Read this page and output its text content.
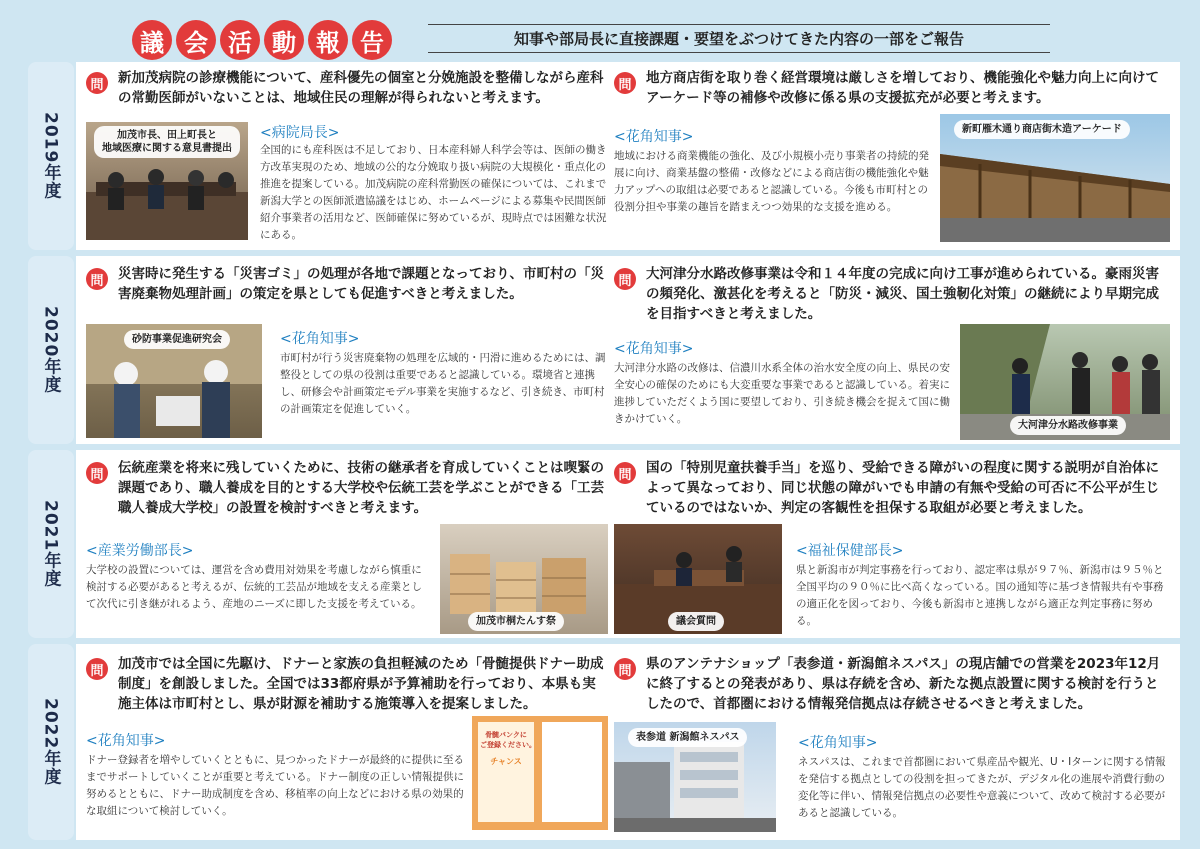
議 会 活 動 報 告	知事や部局長に直接課題・要望をぶつけてきた内容の一部をご報告
2019年度
問	新加茂病院の診療機能について、産科優先の個室と分娩施設を整備しながら産科の常勤医師がいないことは、地域住民の理解が得られないと考えます。
加茂市長、田上町長と
地域医療に関する意見書提出
<病院局長>
全国的にも産科医は不足しており、日本産科婦人科学会等は、医師の働き方改革実現のため、地域の公的な分娩取り扱い病院の大規模化・重点化の推進を提案している。加茂病院の産科常勤医の確保については、これまで新潟大学との医師派遣協議をはじめ、ホームページによる募集や民間医師紹介事業者の活用など、医師確保に努めているが、現時点では困難な状況にある。
問	地方商店街を取り巻く経営環境は厳しさを増しており、機能強化や魅力向上に向けてアーケード等の補修や改修に係る県の支援拡充が必要と考えます。
<花角知事>
地域における商業機能の強化、及び小規模小売り事業者の持続的発展に向け、商業基盤の整備・改修などによる商店街の機能強化や魅力アップへの取組は必要であると認識している。今後も市町村との役割分担や事業の趣旨を踏まえつつ効果的な支援を進める。
新町雁木通り商店街木造アーケード
2020年度
問	災害時に発生する「災害ゴミ」の処理が各地で課題となっており、市町村の「災害廃棄物処理計画」の策定を県としても促進すべきと考えました。
砂防事業促進研究会	<花角知事>
市町村が行う災害廃棄物の処理を広域的・円滑に進めるためには、調整役としての県の役割は重要であると認識している。環境省と連携し、研修会や計画策定モデル事業を実施するなど、引き続き、市町村の計画策定を促進していく。
問	大河津分水路改修事業は令和１４年度の完成に向け工事が進められている。豪雨災害の頻発化、激甚化を考えると「防災・減災、国土強靭化対策」の継続により早期完成を目指すべきと考えました。
<花角知事>
大河津分水路の改修は、信濃川水系全体の治水安全度の向上、県民の安全安心の確保のためにも大変重要な事業であると認識している。着実に進捗していただくよう国に要望しており、引き続き機会を捉えて国に働きかけていく。
大河津分水路改修事業
2021年度
問	伝統産業を将来に残していくために、技術の継承者を育成していくことは喫緊の課題であり、職人養成を目的とする大学校や伝統工芸を学ぶことができる「工芸職人養成大学校」の設置を検討すべきと考えます。
<産業労働部長>
大学校の設置については、運営を含め費用対効果を考慮しながら慎重に検討する必要があると考えるが、伝統的工芸品が地域を支える産業として次代に引き継がれるよう、産地のニーズに即した支援を考えている。
加茂市桐たんす祭
問	国の「特別児童扶養手当」を巡り、受給できる障がいの程度に関する説明が自治体によって異なっており、同じ状態の障がいでも申請の有無や受給の可否に不公平が生じているのではないか、判定の客観性を担保する取組が必要と考えました。
議会質問
<福祉保健部長>
県と新潟市が判定事務を行っており、認定率は県が９７％、新潟市は９５％と全国平均の９０％に比べ高くなっている。国の通知等に基づき情報共有や事務の適正化を図っており、今後も新潟市と連携しながら適正な判定事務に努める。
2022年度
問	加茂市では全国に先駆け、ドナーと家族の負担軽減のため「骨髄提供ドナー助成制度」を創設しました。全国では33都府県が予算補助を行っており、本県も実施主体は市町村とし、県が財源を補助する施策導入を提案しました。
<花角知事>
ドナー登録者を増やしていくとともに、見つかったドナーが最終的に提供に至るまでサポートしていくことが重要と考えている。ドナー制度の正しい情報提供に努めるとともに、ドナー助成制度を含め、移植率の向上などにおける県の効果的な取組について検討していく。
骨髄バンクに
ご登録ください。
チャンス
問	県のアンテナショップ「表参道・新潟館ネスパス」の現店舗での営業を2023年12月に終了するとの発表があり、県は存続を含め、新たな拠点設置に関する検討を行うとしたので、首都圏における情報発信拠点は存続させるべきと考えました。
表参道 新潟館ネスパス	<花角知事>
ネスパスは、これまで首都圏において県産品や観光、U・Iターンに関する情報を発信する拠点としての役割を担ってきたが、デジタル化の進展や消費行動の変化等に伴い、情報発信拠点の必要性や意義について、改めて検討する必要があると認識している。
